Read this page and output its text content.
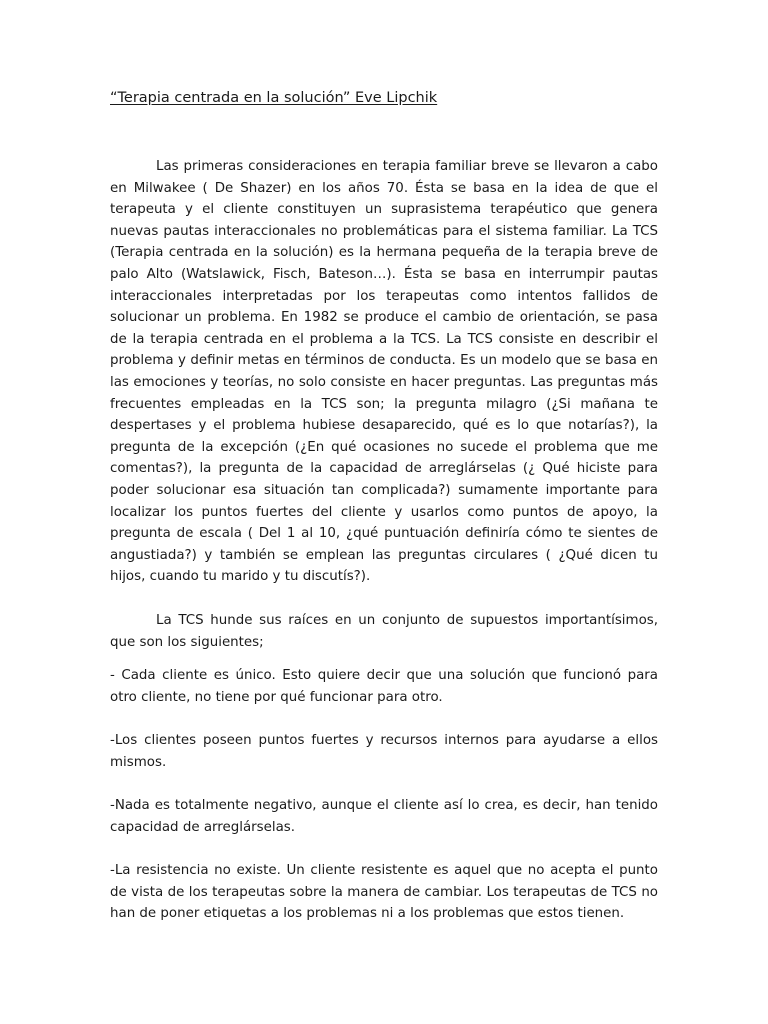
“Terapia centrada en la solución” Eve Lipchik

Las primeras consideraciones en terapia familiar breve se llevaron a cabo en Milwakee ( De Shazer) en los años 70. Ésta se basa en la idea de que el terapeuta y el cliente constituyen un suprasistema terapéutico que genera nuevas pautas interaccionales no problemáticas para el sistema familiar. La TCS (Terapia centrada en la solución) es la hermana pequeña de la terapia breve de palo Alto (Watslawick, Fisch, Bateson…). Ésta se basa en interrumpir pautas interaccionales interpretadas por los terapeutas como intentos fallidos de solucionar un problema. En 1982 se produce el cambio de orientación, se pasa de la terapia centrada en el problema a la TCS. La TCS consiste en describir el problema y definir metas en términos de conducta. Es un modelo que se basa en las emociones y teorías, no solo consiste en hacer preguntas. Las preguntas más frecuentes empleadas en la TCS son; la pregunta milagro (¿Si mañana te despertases y el problema hubiese desaparecido, qué es lo que notarías?), la pregunta de la excepción (¿En qué ocasiones no sucede el problema que me comentas?), la pregunta de la capacidad de arreglárselas (¿ Qué hiciste para poder solucionar esa situación tan complicada?) sumamente importante para localizar los puntos fuertes del cliente y usarlos como puntos de apoyo, la pregunta de escala ( Del 1 al 10, ¿qué puntuación definiría cómo te sientes de angustiada?) y también se emplean las preguntas circulares ( ¿Qué dicen tu hijos, cuando tu marido y tu discutís?).

La TCS hunde sus raíces en un conjunto de supuestos importantísimos, que son los siguientes;

- Cada cliente es único. Esto quiere decir que una solución que funcionó para otro cliente, no tiene por qué funcionar para otro.

-Los clientes poseen puntos fuertes y recursos internos para ayudarse a ellos mismos.

-Nada es totalmente negativo, aunque el cliente así lo crea, es decir, han tenido capacidad de arreglárselas.

-La resistencia no existe. Un cliente resistente es aquel que no acepta el punto de vista de los terapeutas sobre la manera de cambiar. Los terapeutas de TCS no han de poner etiquetas a los problemas ni a los problemas que estos tienen.
